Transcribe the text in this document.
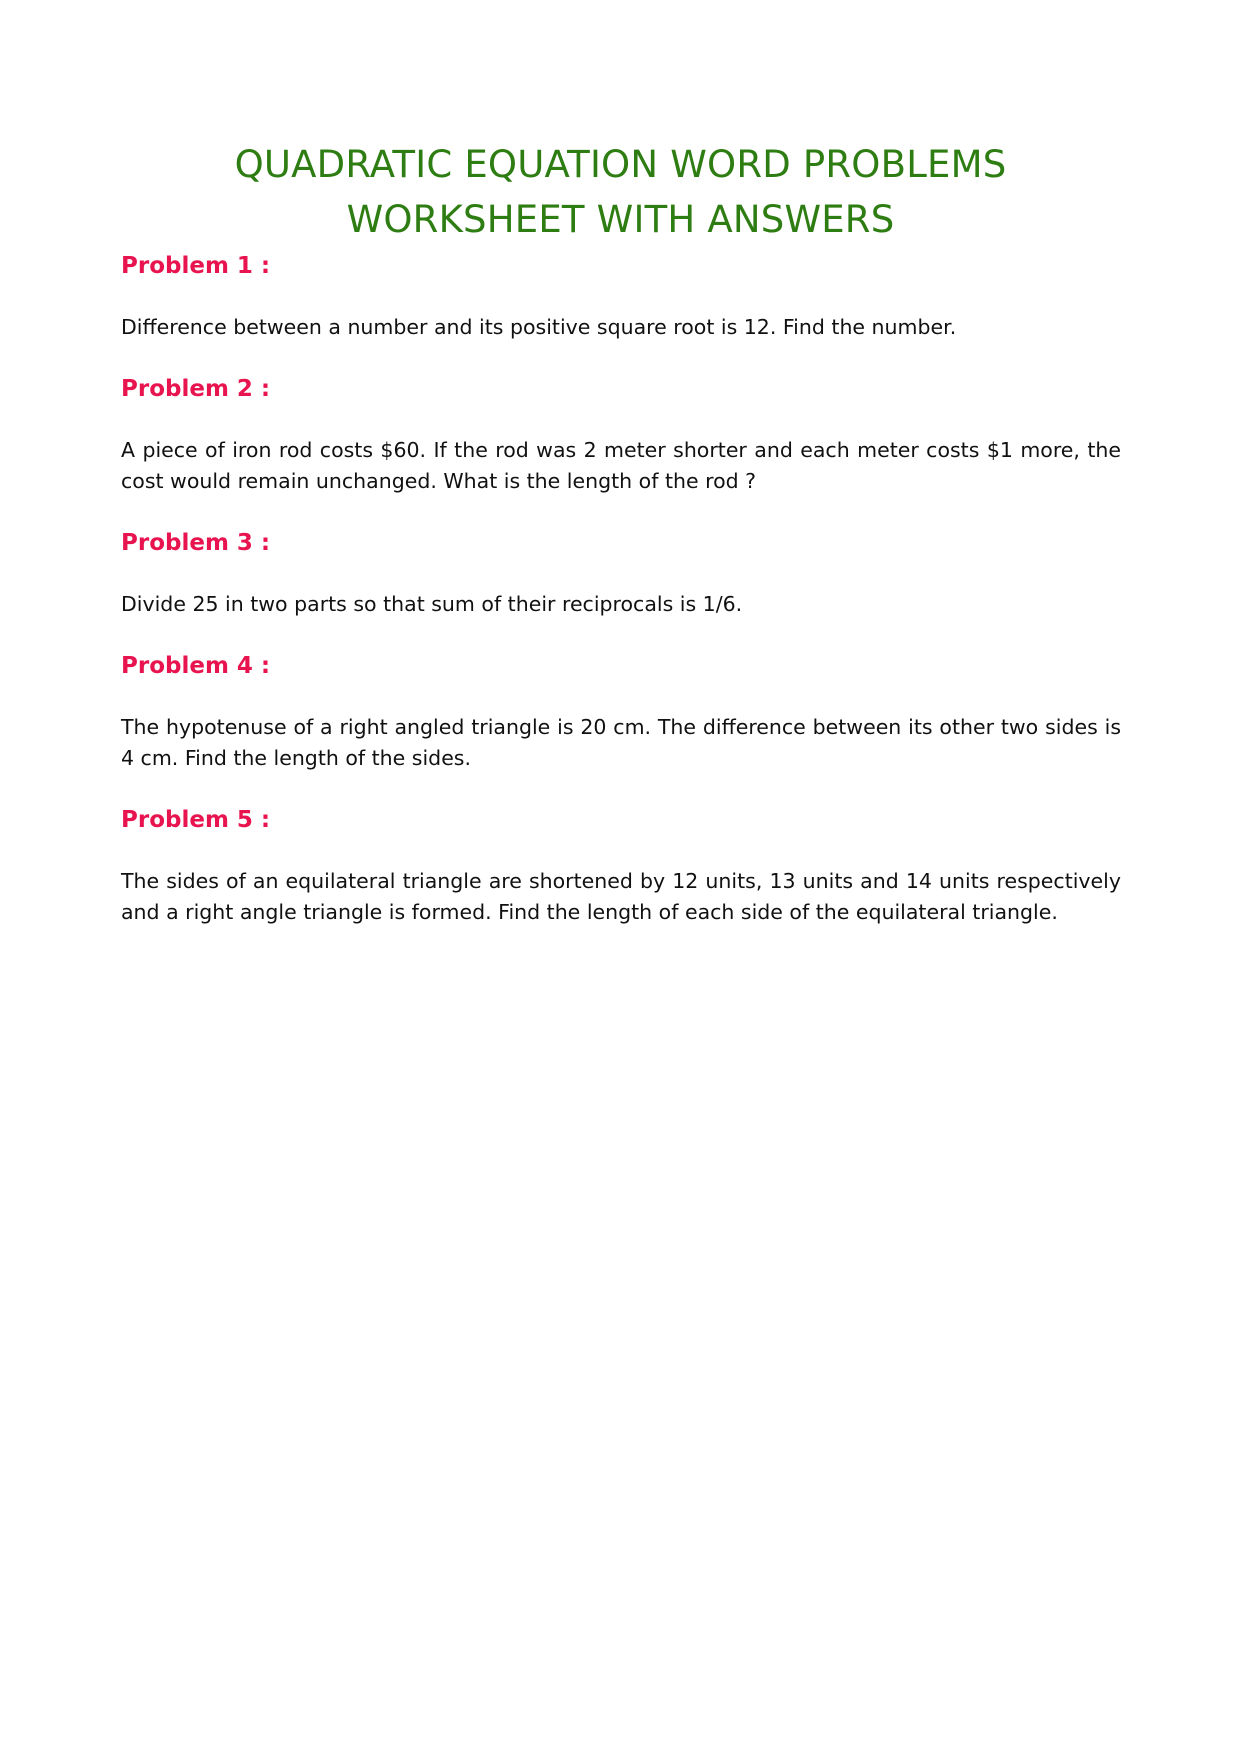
QUADRATIC EQUATION WORD PROBLEMS
WORKSHEET WITH ANSWERS
Problem 1 :

Difference between a number and its positive square root is 12. Find the number.

Problem 2 :

A piece of iron rod costs $60. If the rod was 2 meter shorter and each meter costs $1 more, the cost would remain unchanged. What is the length of the rod ?

Problem 3 :

Divide 25 in two parts so that sum of their reciprocals is 1/6.

Problem 4 :

The hypotenuse of a right angled triangle is 20 cm. The difference between its other two sides is 4 cm. Find the length of the sides.

Problem 5 :

The sides of an equilateral triangle are shortened by 12 units, 13 units and 14 units respectively and a right angle triangle is formed. Find the length of each side of the equilateral triangle.
